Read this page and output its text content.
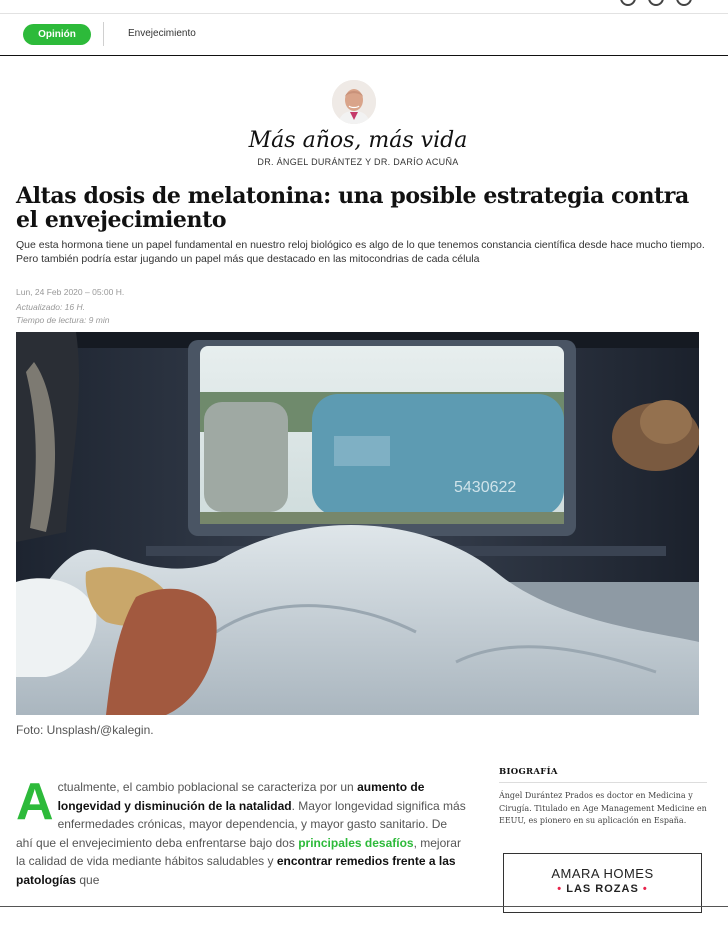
Opinión	Envejecimiento
Más años, más vida
DR. ÁNGEL DURÁNTEZ Y DR. DARÍO ACUÑA
Altas dosis de melatonina: una posible estrategia contra el envejecimiento

Que esta hormona tiene un papel fundamental en nuestro reloj biológico es algo de lo que tenemos constancia científica desde hace mucho tiempo. Pero también podría estar jugando un papel más que destacado en las mitocondrias de cada célula

Lun, 24 Feb 2020 – 05:00 H.
Actualizado: 16 H.
Tiempo de lectura: 9 min
5430622
Foto: Unsplash/@kalegin.
Actualmente, el cambio poblacional se caracteriza por un aumento de longevidad y disminución de la natalidad. Mayor longevidad significa más enfermedades crónicas, mayor dependencia, y mayor gasto sanitario. De ahí que el envejecimiento deba enfrentarse bajo dos principales desafíos, mejorar la calidad de vida mediante hábitos saludables y encontrar remedios frente a las patologías que
BIOGRAFÍA
Ángel Durántez Prados es doctor en Medicina y Cirugía. Titulado en Age Management Medicine en EEUU, es pionero en su aplicación en España.
AMARA HOMES
• LAS ROZAS •
